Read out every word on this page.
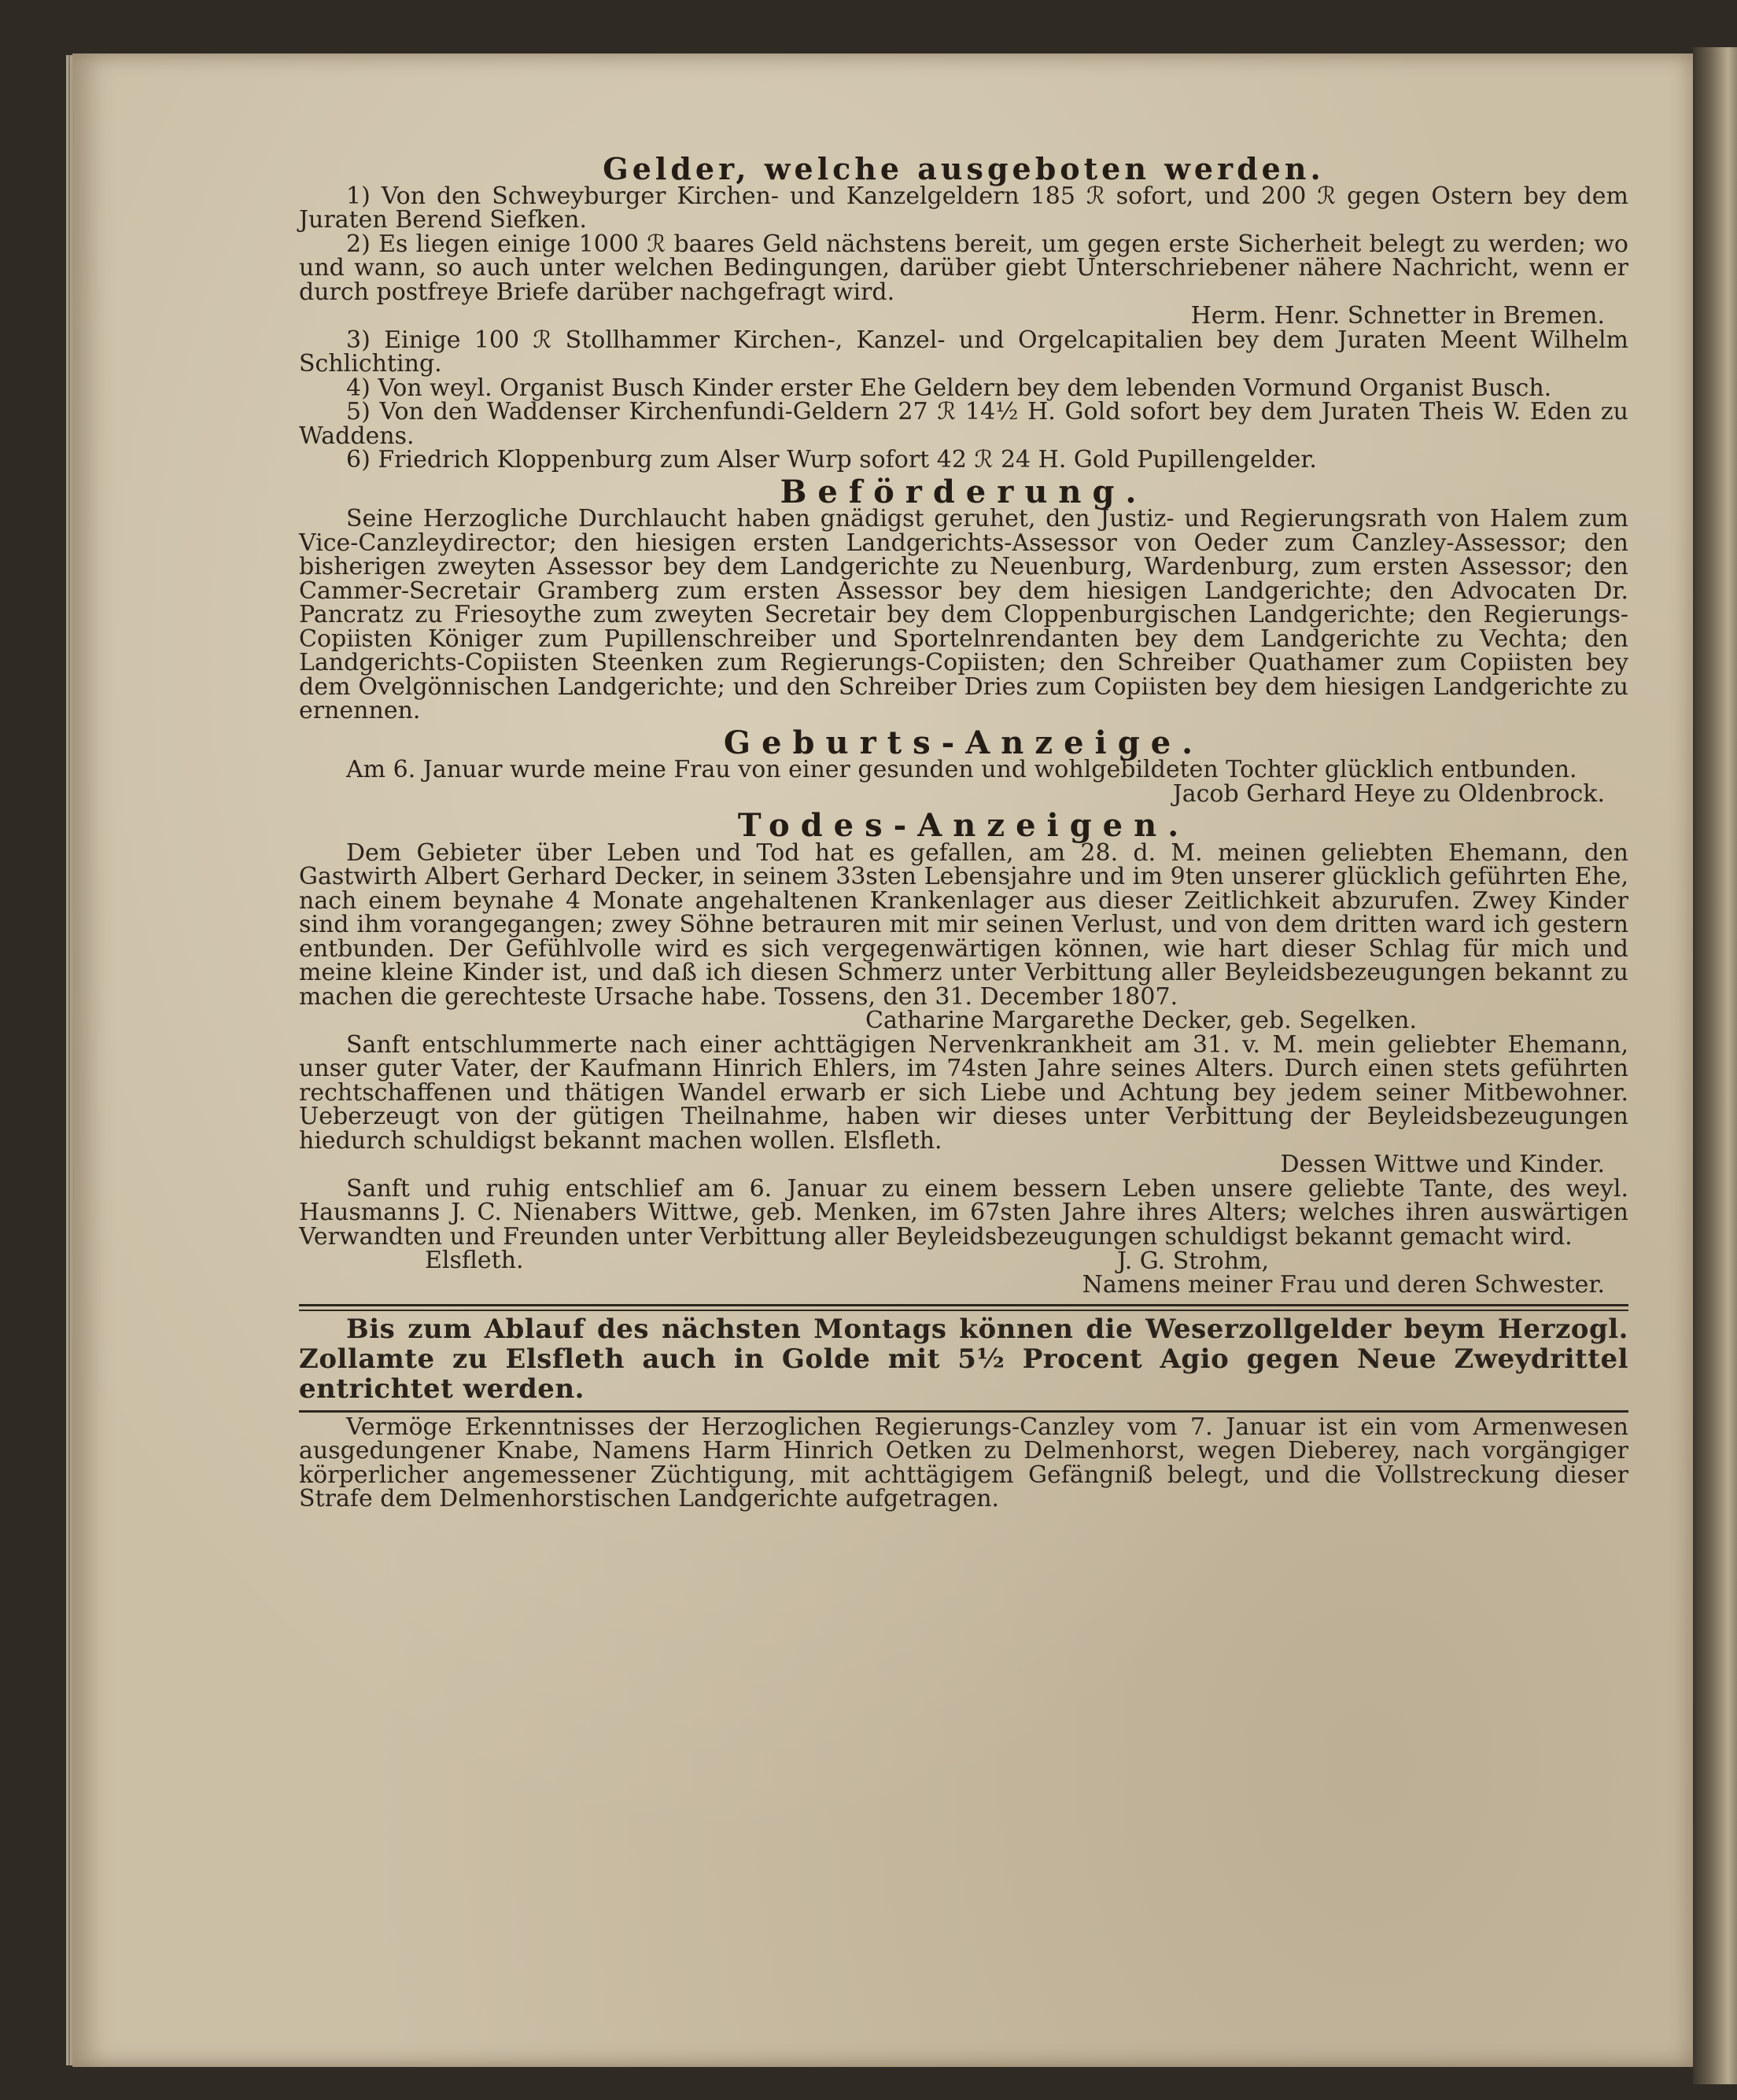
Gelder, welche ausgeboten werden.

1) Von den Schweyburger Kirchen- und Kanzelgeldern 185 ℛ sofort, und 200 ℛ gegen Ostern bey dem Juraten Berend Siefken.

2) Es liegen einige 1000 ℛ baares Geld nächstens bereit, um gegen erste Sicherheit belegt zu werden; wo und wann, so auch unter welchen Bedingungen, darüber giebt Unterschriebener nähere Nachricht, wenn er durch postfreye Briefe darüber nachgefragt wird.

Herm. Henr. Schnetter in Bremen.

3) Einige 100 ℛ Stollhammer Kirchen-, Kanzel- und Orgelcapitalien bey dem Juraten Meent Wilhelm Schlichting.

4) Von weyl. Organist Busch Kinder erster Ehe Geldern bey dem lebenden Vormund Organist Busch.

5) Von den Waddenser Kirchenfundi-Geldern 27 ℛ 14½ H. Gold sofort bey dem Juraten Theis W. Eden zu Waddens.

6) Friedrich Kloppenburg zum Alser Wurp sofort 42 ℛ 24 H. Gold Pupillengelder.

Beförderung.

Seine Herzogliche Durchlaucht haben gnädigst geruhet, den Justiz- und Regierungsrath von Halem zum Vice-Canzleydirector; den hiesigen ersten Landgerichts-Assessor von Oeder zum Canzley-Assessor; den bisherigen zweyten Assessor bey dem Landgerichte zu Neuenburg, Wardenburg, zum ersten Assessor; den Cammer-Secretair Gramberg zum ersten Assessor bey dem hiesigen Landgerichte; den Advocaten Dr. Pancratz zu Friesoythe zum zweyten Secretair bey dem Cloppenburgischen Landgerichte; den Regierungs-Copiisten Königer zum Pupillenschreiber und Sportelnrendanten bey dem Landgerichte zu Vechta; den Landgerichts-Copiisten Steenken zum Regierungs-Copiisten; den Schreiber Quathamer zum Copiisten bey dem Ovelgönnischen Landgerichte; und den Schreiber Dries zum Copiisten bey dem hiesigen Landgerichte zu ernennen.

Geburts-Anzeige.

Am 6. Januar wurde meine Frau von einer gesunden und wohlgebildeten Tochter glücklich entbunden.

Jacob Gerhard Heye zu Oldenbrock.

Todes-Anzeigen.

Dem Gebieter über Leben und Tod hat es gefallen, am 28. d. M. meinen geliebten Ehemann, den Gastwirth Albert Gerhard Decker, in seinem 33sten Lebensjahre und im 9ten unserer glücklich geführten Ehe, nach einem beynahe 4 Monate angehaltenen Krankenlager aus dieser Zeitlichkeit abzurufen. Zwey Kinder sind ihm vorangegangen; zwey Söhne betrauren mit mir seinen Verlust, und von dem dritten ward ich gestern entbunden. Der Gefühlvolle wird es sich vergegenwärtigen können, wie hart dieser Schlag für mich und meine kleine Kinder ist, und daß ich diesen Schmerz unter Verbittung aller Beyleidsbezeugungen bekannt zu machen die gerechteste Ursache habe. Tossens, den 31. December 1807.

Catharine Margarethe Decker, geb. Segelken.

Sanft entschlummerte nach einer achttägigen Nervenkrankheit am 31. v. M. mein geliebter Ehemann, unser guter Vater, der Kaufmann Hinrich Ehlers, im 74sten Jahre seines Alters. Durch einen stets geführten rechtschaffenen und thätigen Wandel erwarb er sich Liebe und Achtung bey jedem seiner Mitbewohner. Ueberzeugt von der gütigen Theilnahme, haben wir dieses unter Verbittung der Beyleidsbezeugungen hiedurch schuldigst bekannt machen wollen. Elsfleth.

Dessen Wittwe und Kinder.

Sanft und ruhig entschlief am 6. Januar zu einem bessern Leben unsere geliebte Tante, des weyl. Hausmanns J. C. Nienabers Wittwe, geb. Menken, im 67sten Jahre ihres Alters; welches ihren auswärtigen Verwandten und Freunden unter Verbittung aller Beyleidsbezeugungen schuldigst bekannt gemacht wird.

Elsfleth.	J. G. Strohm,

Namens meiner Frau und deren Schwester.

Bis zum Ablauf des nächsten Montags können die Weserzollgelder beym Herzogl. Zollamte zu Elsfleth auch in Golde mit 5½ Procent Agio gegen Neue Zweydrittel entrichtet werden.

Vermöge Erkenntnisses der Herzoglichen Regierungs-Canzley vom 7. Januar ist ein vom Armenwesen ausgedungener Knabe, Namens Harm Hinrich Oetken zu Delmenhorst, wegen Dieberey, nach vorgängiger körperlicher angemessener Züchtigung, mit achttägigem Gefängniß belegt, und die Vollstreckung dieser Strafe dem Delmenhorstischen Landgerichte aufgetragen.
